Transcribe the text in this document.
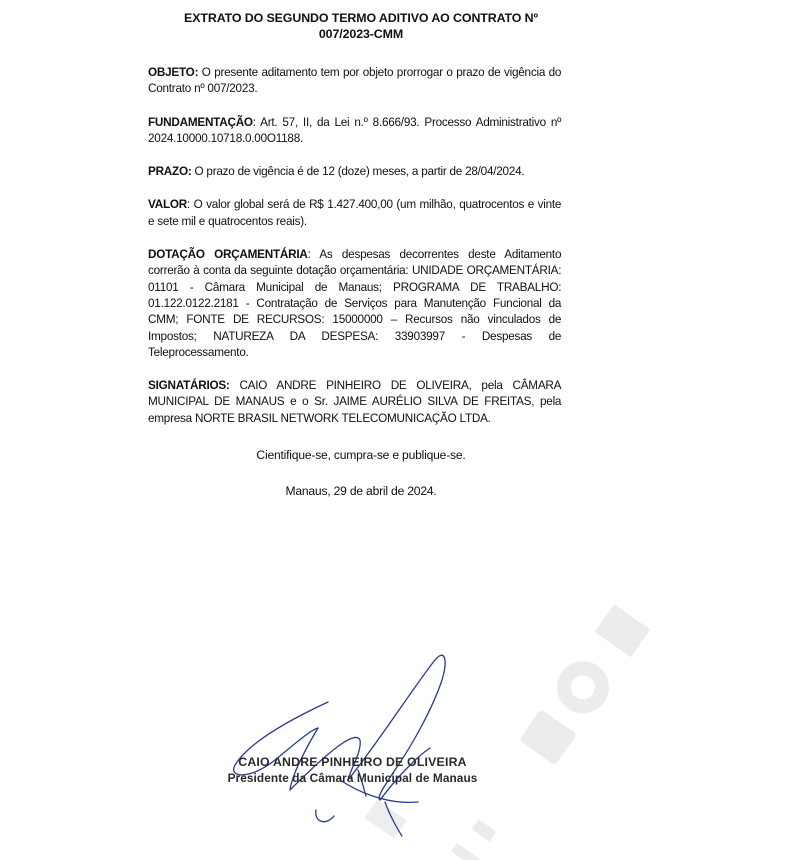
EXTRATO DO SEGUNDO TERMO ADITIVO AO CONTRATO Nº

007/2023-CMM

OBJETO: O presente aditamento tem por objeto prorrogar o prazo de vigência do Contrato nº 007/2023.

FUNDAMENTAÇÃO: Art. 57, II, da Lei n.º 8.666/93. Processo Administrativo nº 2024.10000.10718.0.00O1188.

PRAZO: O prazo de vigência é de 12 (doze) meses, a partir de 28/04/2024.

VALOR: O valor global será de R$ 1.427.400,00 (um milhão, quatrocentos e vinte e sete mil e quatrocentos reais).

DOTAÇÃO ORÇAMENTÁRIA: As despesas decorrentes deste Aditamento correrão à conta da seguinte dotação orçamentária: UNIDADE ORÇAMENTÁRIA: 01101 - Câmara Municipal de Manaus; PROGRAMA DE TRABALHO: 01.122.0122.2181 - Contratação de Serviços para Manutenção Funcional da CMM; FONTE DE RECURSOS: 15000000 – Recursos não vinculados de Impostos; NATUREZA DA DESPESA: 33903997 - Despesas de Teleprocessamento.

SIGNATÁRIOS: CAIO ANDRE PINHEIRO DE OLIVEIRA, pela CÂMARA MUNICIPAL DE MANAUS e o Sr. JAIME AURÉLIO SILVA DE FREITAS, pela empresa NORTE BRASIL NETWORK TELECOMUNICAÇÃO LTDA.

Cientifique-se, cumpra-se e publique-se.

Manaus, 29 de abril de 2024.

CAIO ANDRE PINHEIRO DE OLIVEIRA
Presidente da Câmara Municipal de Manaus
